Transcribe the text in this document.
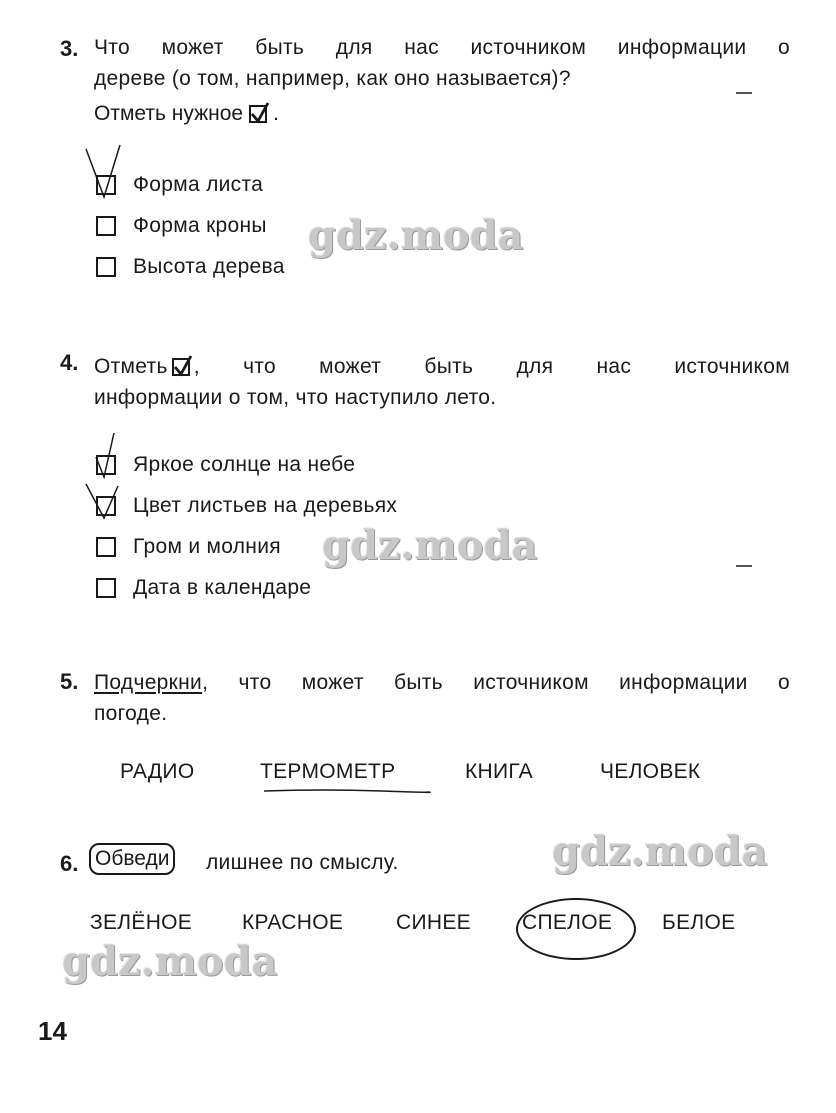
3. Что может быть для нас источником информации о
дереве (о том, например, как оно называется)?
Отметь нужное .
Форма листа
Форма кроны
Высота дерева
gdz.moda
4. Отметь , что может быть для нас источником
информации о том, что наступило лето.
Яркое солнце на небе
Цвет листьев на деревьях
Гром и молния
Дата в календаре
gdz.moda
5. Подчеркни , что может быть источником информации о
погоде.
РАДИО	ТЕРМОМЕТР	КНИГА	ЧЕЛОВЕК
6. Обведи лишнее по смыслу.	gdz.moda
ЗЕЛЁНОЕ КРАСНОЕ	СИНЕЕ СПЕЛОЕ БЕЛОЕ
gdz.moda
14
